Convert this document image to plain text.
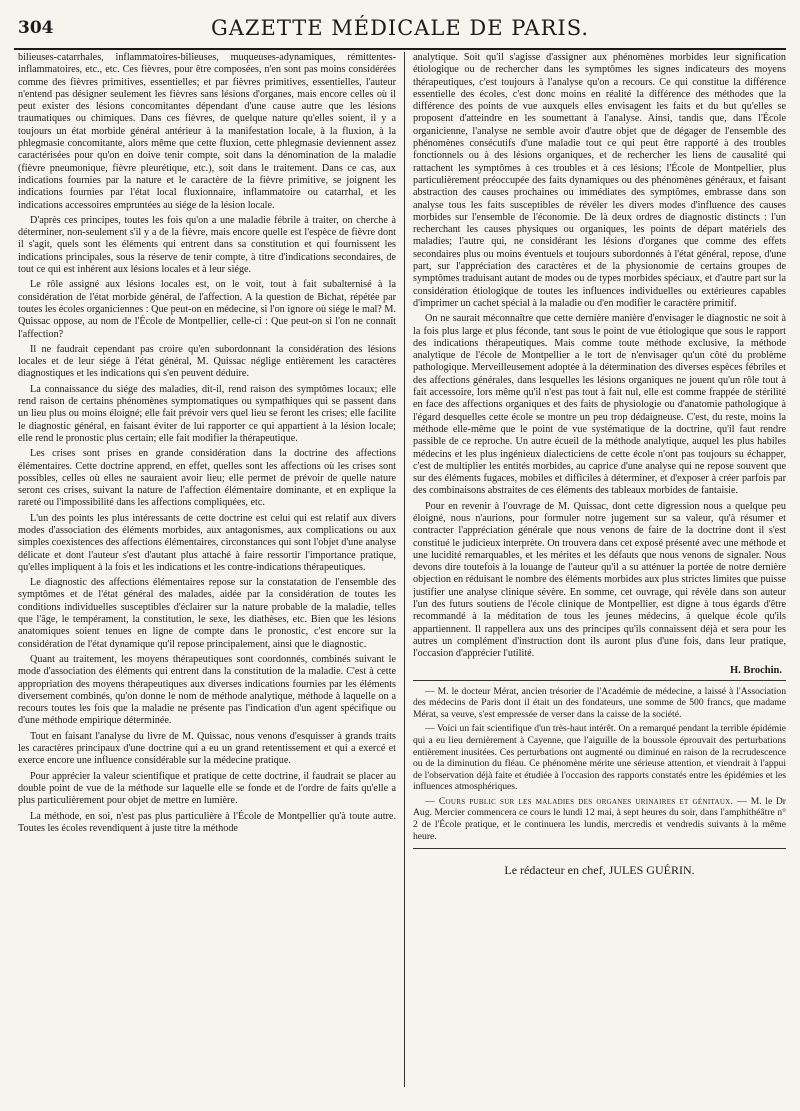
304	GAZETTE MÉDICALE DE PARIS.

bilieuses-catarrhales, inflammatoires-bilieuses, muqueuses-adynamiques, rémittentes-inflammatoires, etc., etc. Ces fièvres, pour être composées, n'en sont pas moins considérées comme des fièvres primitives, essentielles; et par fièvres primitives, essentielles, l'auteur n'entend pas désigner seulement les fièvres sans lésions d'organes, mais encore celles où il peut exister des lésions concomitantes dépendant d'une cause autre que les lésions traumatiques ou chimiques. Dans ces fièvres, de quelque nature qu'elles soient, il y a toujours un état morbide général antérieur à la manifestation locale, à la fluxion, à la phlegmasie concomitante, alors même que cette fluxion, cette phlegmasie deviennent assez caractérisées pour qu'on en doive tenir compte, soit dans la dénomination de la maladie (fièvre pneumonique, fièvre pleurétique, etc.), soit dans le traitement. Dans ce cas, aux indications fournies par la nature et le caractère de la fièvre primitive, se joignent les indications fournies par l'état local fluxionnaire, inflammatoire ou catarrhal, et les indications accessoires empruntées au siége de la lésion locale.

D'après ces principes, toutes les fois qu'on a une maladie fébrile à traiter, on cherche à déterminer, non-seulement s'il y a de la fièvre, mais encore quelle est l'espèce de fièvre dont il s'agit, quels sont les éléments qui entrent dans sa constitution et qui fournissent les indications principales, sous la réserve de tenir compte, à titre d'indications secondaires, de tout ce qui est inhérent aux lésions locales et à leur siége.

Le rôle assigné aux lésions locales est, on le voit, tout à fait subalternisé à la considération de l'état morbide général, de l'affection. A la question de Bichat, répétée par toutes les écoles organiciennes : Que peut-on en médecine, si l'on ignore où siége le mal? M. Quissac oppose, au nom de l'École de Montpellier, celle-ci : Que peut-on si l'on ne connaît l'affection?

Il ne faudrait cependant pas croire qu'en subordonnant la considération des lésions locales et de leur siége à l'état général, M. Quissac néglige entièrement les caractères diagnostiques et les indications qui s'en peuvent déduire.

La connaissance du siége des maladies, dit-il, rend raison des symptômes locaux; elle rend raison de certains phénomènes symptomatiques ou sympathiques qui se passent dans un lieu plus ou moins éloigné; elle fait prévoir vers quel lieu se feront les crises; elle facilite le diagnostic général, en faisant éviter de lui rapporter ce qui appartient à la lésion locale; elle rend le pronostic plus certain; elle fait modifier la thérapeutique.

Les crises sont prises en grande considération dans la doctrine des affections élémentaires. Cette doctrine apprend, en effet, quelles sont les affections où les crises sont possibles, celles où elles ne sauraient avoir lieu; elle permet de prévoir de quelle nature seront ces crises, suivant la nature de l'affection élémentaire dominante, et en explique la rareté ou l'impossibilité dans les affections compliquées, etc.

L'un des points les plus intéressants de cette doctrine est celui qui est relatif aux divers modes d'association des éléments morbides, aux antagonismes, aux complications ou aux simples coexistences des affections élémentaires, circonstances qui sont l'objet d'une analyse délicate et dont l'auteur s'est d'autant plus attaché à faire ressortir l'importance pratique, qu'elles impliquent à la fois et les indications et les contre-indications thérapeutiques.

Le diagnostic des affections élémentaires repose sur la constatation de l'ensemble des symptômes et de l'état général des malades, aidée par la considération de toutes les conditions individuelles susceptibles d'éclairer sur la nature probable de la maladie, telles que l'âge, le tempérament, la constitution, le sexe, les diathèses, etc. Bien que les lésions anatomiques soient tenues en ligne de compte dans le pronostic, c'est encore sur la considération de l'état dynamique qu'il repose principalement, ainsi que le diagnostic.

Quant au traitement, les moyens thérapeutiques sont coordonnés, combinés suivant le mode d'association des éléments qui entrent dans la constitution de la maladie. C'est à cette appropriation des moyens thérapeutiques aux diverses indications fournies par les éléments diversement combinés, qu'on donne le nom de méthode analytique, méthode à laquelle on a recours toutes les fois que la maladie ne présente pas l'indication d'un agent spécifique ou d'une méthode empirique déterminée.

Tout en faisant l'analyse du livre de M. Quissac, nous venons d'esquisser à grands traits les caractères principaux d'une doctrine qui a eu un grand retentissement et qui a exercé et exerce encore une influence considérable sur la médecine pratique.

Pour apprécier la valeur scientifique et pratique de cette doctrine, il faudrait se placer au double point de vue de la méthode sur laquelle elle se fonde et de l'ordre de faits qu'elle a plus particulièrement pour objet de mettre en lumière.

La méthode, en soi, n'est pas plus particulière à l'École de Montpellier qu'à toute autre. Toutes les écoles revendiquent à juste titre la méthode

analytique. Soit qu'il s'agisse d'assigner aux phénomènes morbides leur signification étiologique ou de rechercher dans les symptômes les signes indicateurs des moyens thérapeutiques, c'est toujours à l'analyse qu'on a recours. Ce qui constitue la différence essentielle des écoles, c'est donc moins en réalité la différence des méthodes que la différence des points de vue auxquels elles envisagent les faits et du but qu'elles se proposent d'atteindre en les soumettant à l'analyse. Ainsi, tandis que, dans l'École organicienne, l'analyse ne semble avoir d'autre objet que de dégager de l'ensemble des phénomènes consécutifs d'une maladie tout ce qui peut être rapporté à des troubles fonctionnels ou à des lésions organiques, et de rechercher les liens de causalité qui rattachent les symptômes à ces troubles et à ces lésions; l'École de Montpellier, plus particulièrement préoccupée des faits dynamiques ou des phénomènes généraux, et faisant abstraction des causes prochaines ou immédiates des symptômes, embrasse dans son analyse tous les faits susceptibles de révéler les divers modes d'influence des causes morbides sur l'ensemble de l'économie. De là deux ordres de diagnostic distincts : l'un recherchant les causes physiques ou organiques, les points de départ matériels des maladies; l'autre qui, ne considérant les lésions d'organes que comme des effets secondaires plus ou moins éventuels et toujours subordonnés à l'état général, repose, d'une part, sur l'appréciation des caractères et de la physionomie de certains groupes de symptômes traduisant autant de modes ou de types morbides spéciaux, et d'autre part sur la considération étiologique de toutes les influences individuelles ou extérieures capables d'imprimer un cachet spécial à la maladie ou d'en modifier le caractère primitif.

On ne saurait méconnaître que cette dernière manière d'envisager le diagnostic ne soit à la fois plus large et plus féconde, tant sous le point de vue étiologique que sous le rapport des indications thérapeutiques. Mais comme toute méthode exclusive, la méthode analytique de l'école de Montpellier a le tort de n'envisager qu'un côté du problème pathologique. Merveilleusement adoptée à la détermination des diverses espèces fébriles et des affections générales, dans lesquelles les lésions organiques ne jouent qu'un rôle tout à fait accessoire, lors même qu'il n'est pas tout à fait nul, elle est comme frappée de stérilité en face des affections organiques et des faits de physiologie ou d'anatomie pathologique à l'égard desquelles cette école se montre un peu trop dédaigneuse. C'est, du reste, moins la méthode elle-même que le point de vue systématique de la doctrine, qu'il faut rendre passible de ce reproche. Un autre écueil de la méthode analytique, auquel les plus habiles médecins et les plus ingénieux dialecticiens de cette école n'ont pas toujours su échapper, c'est de multiplier les entités morbides, au caprice d'une analyse qui ne repose souvent que sur des éléments fugaces, mobiles et difficiles à déterminer, et d'exposer à créer parfois par des combinaisons abstraites de ces éléments des tableaux morbides de fantaisie.

Pour en revenir à l'ouvrage de M. Quissac, dont cette digression nous a quelque peu éloigné, nous n'aurions, pour formuler notre jugement sur sa valeur, qu'à résumer et contracter l'appréciation générale que nous venons de faire de la doctrine dont il s'est constitué le judicieux interprète. On trouvera dans cet exposé présenté avec une méthode et une lucidité remarquables, et les mérites et les défauts que nous venons de signaler. Nous devons dire toutefois à la louange de l'auteur qu'il a su atténuer la portée de notre dernière objection en réduisant le nombre des éléments morbides aux plus strictes limites que puisse justifier une analyse clinique sévère. En somme, cet ouvrage, qui révèle dans son auteur l'un des futurs soutiens de l'école clinique de Montpellier, est digne à tous égards d'être recommandé à la méditation de tous les jeunes médecins, à quelque école qu'ils appartiennent. Il rappellera aux uns des principes qu'ils connaissent déjà et sera pour les autres un complément d'instruction dont ils auront plus d'une fois, dans leur pratique, l'occasion d'apprécier l'utilité.

H. Brochin.

— M. le docteur Mérat, ancien trésorier de l'Académie de médecine, a laissé à l'Association des médecins de Paris dont il était un des fondateurs, une somme de 500 francs, que madame Mérat, sa veuve, s'est empressée de verser dans la caisse de la société.

— Voici un fait scientifique d'un très-haut intérêt. On a remarqué pendant la terrible épidémie qui a eu lieu dernièrement à Cayenne, que l'aiguille de la boussole éprouvait des perturbations entièrement inusitées. Ces perturbations ont augmenté ou diminué en raison de la recrudescence ou de la diminution du fléau. Ce phénomène mérite une sérieuse attention, et viendrait à l'appui de l'observation déjà faite et étudiée à l'occasion des rapports constatés entre les épidémies et les influences atmosphériques.

— Cours public sur les maladies des organes urinaires et génitaux. — M. le Dr Aug. Mercier commencera ce cours le lundi 12 mai, à sept heures du soir, dans l'amphithéâtre n° 2 de l'École pratique, et le continuera les lundis, mercredis et vendredis suivants à la même heure.

Le rédacteur en chef, JULES GUÉRIN.
